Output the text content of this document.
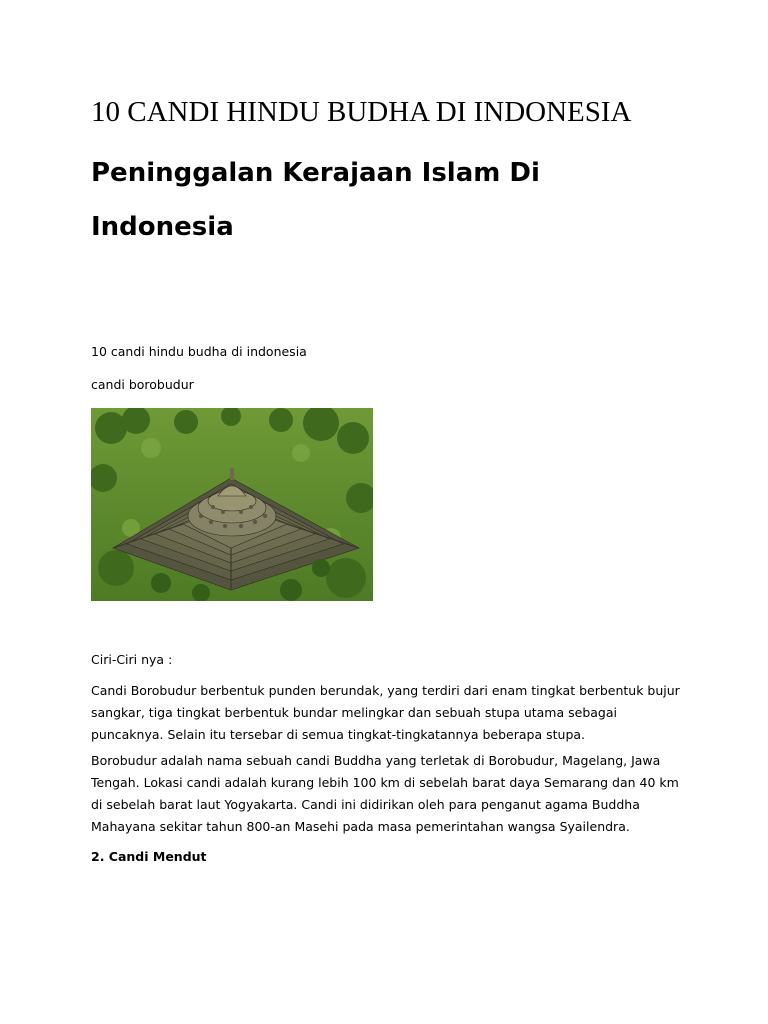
10 CANDI HINDU BUDHA DI INDONESIA
Peninggalan Kerajaan Islam Di Indonesia

10 candi hindu budha di indonesia

candi borobudur

Ciri-Ciri nya :

Candi Borobudur berbentuk punden berundak, yang terdiri dari enam tingkat berbentuk bujur sangkar, tiga tingkat berbentuk bundar melingkar dan sebuah stupa utama sebagai puncaknya. Selain itu tersebar di semua tingkat-tingkatannya beberapa stupa.

Borobudur adalah nama sebuah candi Buddha yang terletak di Borobudur, Magelang, Jawa Tengah. Lokasi candi adalah kurang lebih 100 km di sebelah barat daya Semarang dan 40 km di sebelah barat laut Yogyakarta. Candi ini didirikan oleh para penganut agama Buddha Mahayana sekitar tahun 800-an Masehi pada masa pemerintahan wangsa Syailendra.

2. Candi Mendut
